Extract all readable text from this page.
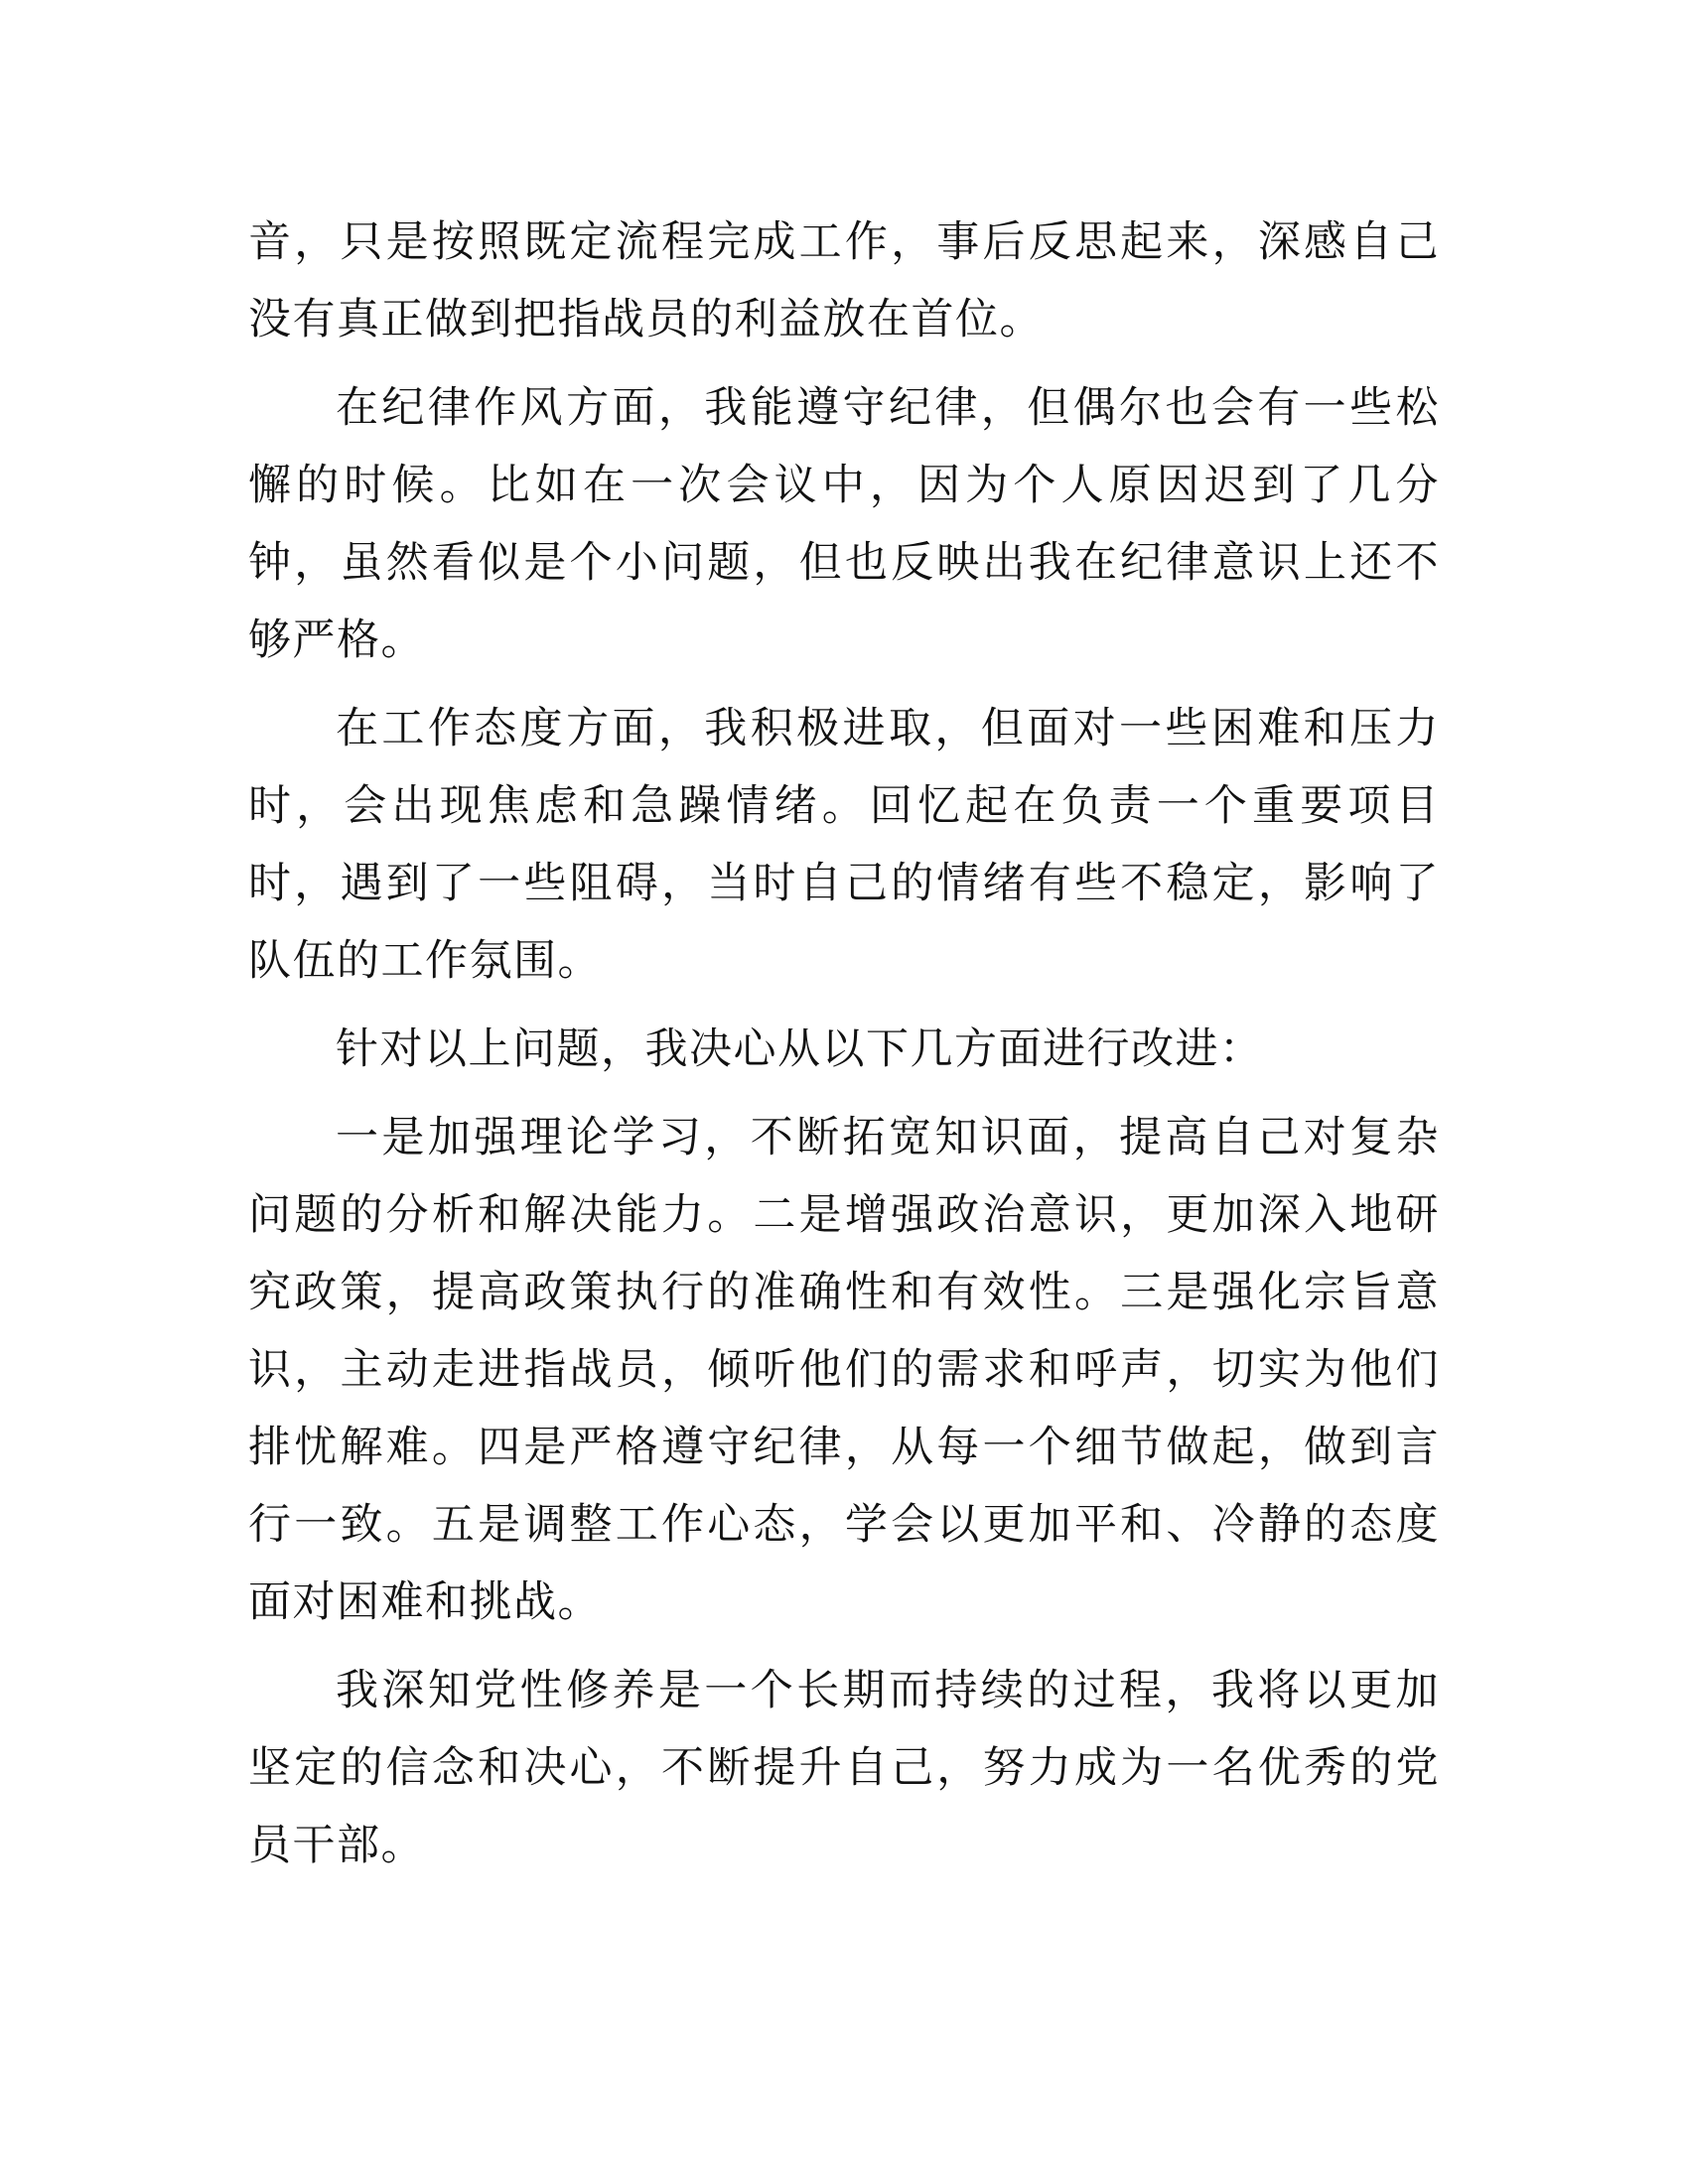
音，只是按照既定流程完成工作，事后反思起来，深感自己没有真正做到把指战员的利益放在首位。

在纪律作风方面，我能遵守纪律，但偶尔也会有一些松懈的时候。比如在一次会议中，因为个人原因迟到了几分钟，虽然看似是个小问题，但也反映出我在纪律意识上还不够严格。

在工作态度方面，我积极进取，但面对一些困难和压力时，会出现焦虑和急躁情绪。回忆起在负责一个重要项目时，遇到了一些阻碍，当时自己的情绪有些不稳定，影响了队伍的工作氛围。

针对以上问题，我决心从以下几方面进行改进：

一是加强理论学习，不断拓宽知识面，提高自己对复杂问题的分析和解决能力。二是增强政治意识，更加深入地研究政策，提高政策执行的准确性和有效性。三是强化宗旨意识，主动走进指战员，倾听他们的需求和呼声，切实为他们排忧解难。四是严格遵守纪律，从每一个细节做起，做到言行一致。五是调整工作心态，学会以更加平和、冷静的态度面对困难和挑战。

我深知党性修养是一个长期而持续的过程，我将以更加坚定的信念和决心，不断提升自己，努力成为一名优秀的党员干部。
